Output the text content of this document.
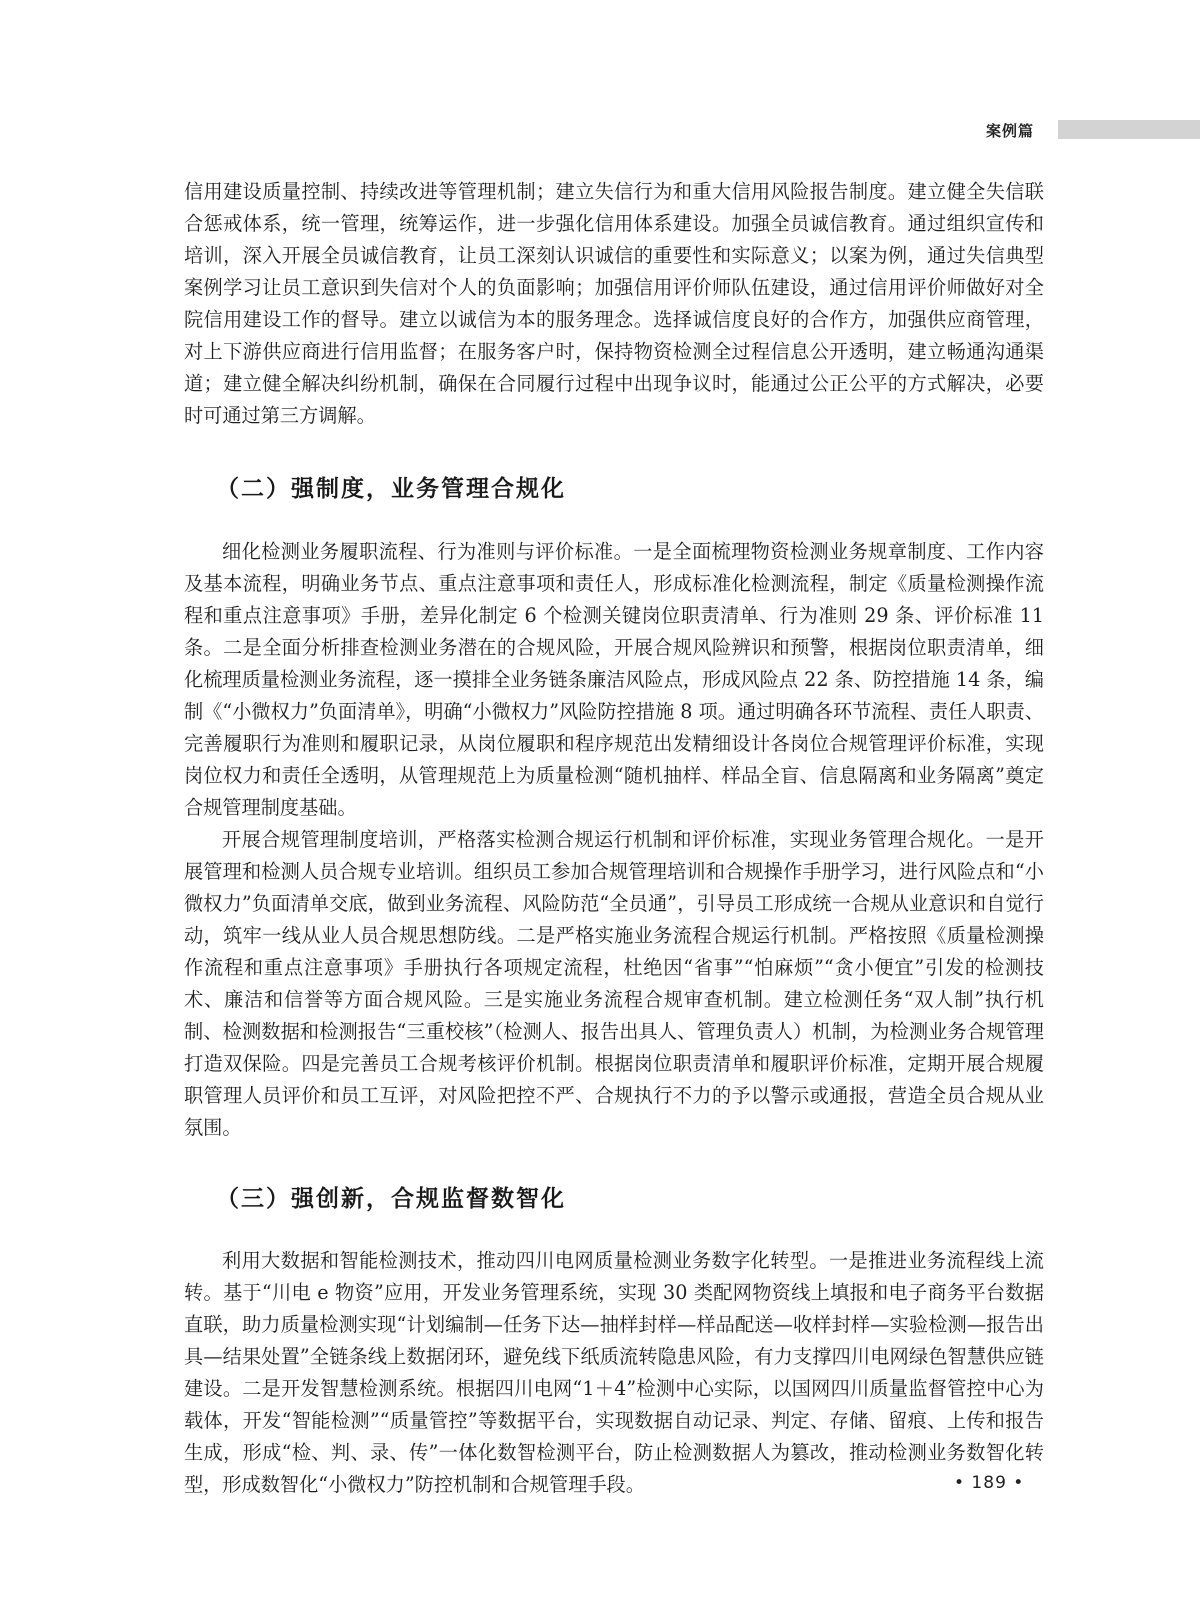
案例篇

信用建设质量控制、持续改进等管理机制；建立失信行为和重大信用风险报告制度。建立健全失信联合惩戒体系，统一管理，统筹运作，进一步强化信用体系建设。加强全员诚信教育。通过组织宣传和培训，深入开展全员诚信教育，让员工深刻认识诚信的重要性和实际意义；以案为例，通过失信典型案例学习让员工意识到失信对个人的负面影响；加强信用评价师队伍建设，通过信用评价师做好对全院信用建设工作的督导。建立以诚信为本的服务理念。选择诚信度良好的合作方，加强供应商管理，对上下游供应商进行信用监督；在服务客户时，保持物资检测全过程信息公开透明，建立畅通沟通渠道；建立健全解决纠纷机制，确保在合同履行过程中出现争议时，能通过公正公平的方式解决，必要时可通过第三方调解。

（二）强制度，业务管理合规化

细化检测业务履职流程、行为准则与评价标准。一是全面梳理物资检测业务规章制度、工作内容及基本流程，明确业务节点、重点注意事项和责任人，形成标准化检测流程，制定《质量检测操作流程和重点注意事项》手册，差异化制定 6 个检测关键岗位职责清单、行为准则 29 条、评价标准 11 条。二是全面分析排查检测业务潜在的合规风险，开展合规风险辨识和预警，根据岗位职责清单，细化梳理质量检测业务流程，逐一摸排全业务链条廉洁风险点，形成风险点 22 条、防控措施 14 条，编制《“小微权力”负面清单》，明确“小微权力”风险防控措施 8 项。通过明确各环节流程、责任人职责、完善履职行为准则和履职记录，从岗位履职和程序规范出发精细设计各岗位合规管理评价标准，实现岗位权力和责任全透明，从管理规范上为质量检测“随机抽样、样品全盲、信息隔离和业务隔离”奠定合规管理制度基础。

开展合规管理制度培训，严格落实检测合规运行机制和评价标准，实现业务管理合规化。一是开展管理和检测人员合规专业培训。组织员工参加合规管理培训和合规操作手册学习，进行风险点和“小微权力”负面清单交底，做到业务流程、风险防范“全员通”，引导员工形成统一合规从业意识和自觉行动，筑牢一线从业人员合规思想防线。二是严格实施业务流程合规运行机制。严格按照《质量检测操作流程和重点注意事项》手册执行各项规定流程，杜绝因“省事”“怕麻烦”“贪小便宜”引发的检测技术、廉洁和信誉等方面合规风险。三是实施业务流程合规审查机制。建立检测任务“双人制”执行机制、检测数据和检测报告“三重校核”（检测人、报告出具人、管理负责人）机制，为检测业务合规管理打造双保险。四是完善员工合规考核评价机制。根据岗位职责清单和履职评价标准，定期开展合规履职管理人员评价和员工互评，对风险把控不严、合规执行不力的予以警示或通报，营造全员合规从业氛围。

（三）强创新，合规监督数智化

利用大数据和智能检测技术，推动四川电网质量检测业务数字化转型。一是推进业务流程线上流转。基于“川电 e 物资”应用，开发业务管理系统，实现 30 类配网物资线上填报和电子商务平台数据直联，助力质量检测实现“计划编制—任务下达—抽样封样—样品配送—收样封样—实验检测—报告出具—结果处置”全链条线上数据闭环，避免线下纸质流转隐患风险，有力支撑四川电网绿色智慧供应链建设。二是开发智慧检测系统。根据四川电网“1＋4”检测中心实际，以国网四川质量监督管控中心为载体，开发“智能检测”“质量管控”等数据平台，实现数据自动记录、判定、存储、留痕、上传和报告生成，形成“检、判、录、传”一体化数智检测平台，防止检测数据人为篡改，推动检测业务数智化转型，形成数智化“小微权力”防控机制和合规管理手段。	• 189 •
